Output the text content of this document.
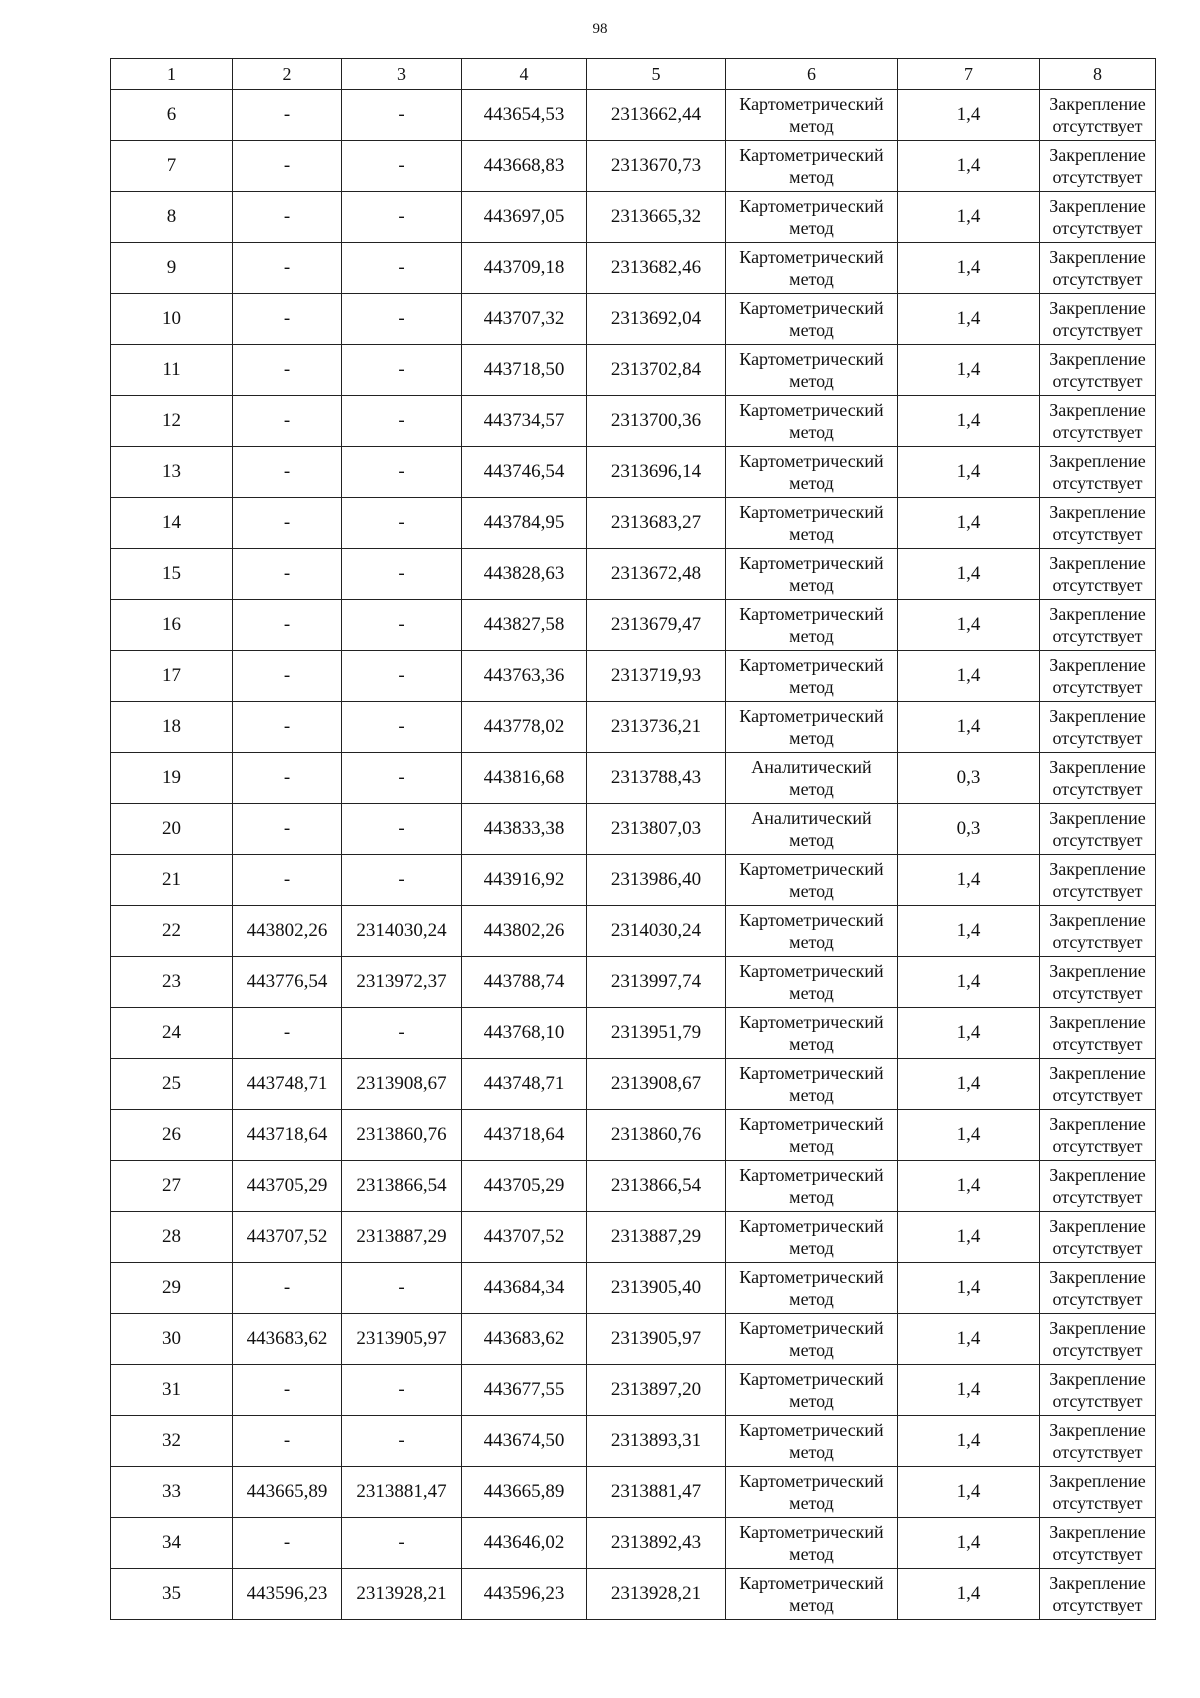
98
1	2	3	4	5	6	7	8
6	-	-	443654,53	2313662,44	Картометрический метод	1,4	Закрепление отсутствует
7	-	-	443668,83	2313670,73	Картометрический метод	1,4	Закрепление отсутствует
8	-	-	443697,05	2313665,32	Картометрический метод	1,4	Закрепление отсутствует
9	-	-	443709,18	2313682,46	Картометрический метод	1,4	Закрепление отсутствует
10	-	-	443707,32	2313692,04	Картометрический метод	1,4	Закрепление отсутствует
11	-	-	443718,50	2313702,84	Картометрический метод	1,4	Закрепление отсутствует
12	-	-	443734,57	2313700,36	Картометрический метод	1,4	Закрепление отсутствует
13	-	-	443746,54	2313696,14	Картометрический метод	1,4	Закрепление отсутствует
14	-	-	443784,95	2313683,27	Картометрический метод	1,4	Закрепление отсутствует
15	-	-	443828,63	2313672,48	Картометрический метод	1,4	Закрепление отсутствует
16	-	-	443827,58	2313679,47	Картометрический метод	1,4	Закрепление отсутствует
17	-	-	443763,36	2313719,93	Картометрический метод	1,4	Закрепление отсутствует
18	-	-	443778,02	2313736,21	Картометрический метод	1,4	Закрепление отсутствует
19	-	-	443816,68	2313788,43	Аналитический метод	0,3	Закрепление отсутствует
20	-	-	443833,38	2313807,03	Аналитический метод	0,3	Закрепление отсутствует
21	-	-	443916,92	2313986,40	Картометрический метод	1,4	Закрепление отсутствует
22	443802,26	2314030,24	443802,26	2314030,24	Картометрический метод	1,4	Закрепление отсутствует
23	443776,54	2313972,37	443788,74	2313997,74	Картометрический метод	1,4	Закрепление отсутствует
24	-	-	443768,10	2313951,79	Картометрический метод	1,4	Закрепление отсутствует
25	443748,71	2313908,67	443748,71	2313908,67	Картометрический метод	1,4	Закрепление отсутствует
26	443718,64	2313860,76	443718,64	2313860,76	Картометрический метод	1,4	Закрепление отсутствует
27	443705,29	2313866,54	443705,29	2313866,54	Картометрический метод	1,4	Закрепление отсутствует
28	443707,52	2313887,29	443707,52	2313887,29	Картометрический метод	1,4	Закрепление отсутствует
29	-	-	443684,34	2313905,40	Картометрический метод	1,4	Закрепление отсутствует
30	443683,62	2313905,97	443683,62	2313905,97	Картометрический метод	1,4	Закрепление отсутствует
31	-	-	443677,55	2313897,20	Картометрический метод	1,4	Закрепление отсутствует
32	-	-	443674,50	2313893,31	Картометрический метод	1,4	Закрепление отсутствует
33	443665,89	2313881,47	443665,89	2313881,47	Картометрический метод	1,4	Закрепление отсутствует
34	-	-	443646,02	2313892,43	Картометрический метод	1,4	Закрепление отсутствует
35	443596,23	2313928,21	443596,23	2313928,21	Картометрический метод	1,4	Закрепление отсутствует
